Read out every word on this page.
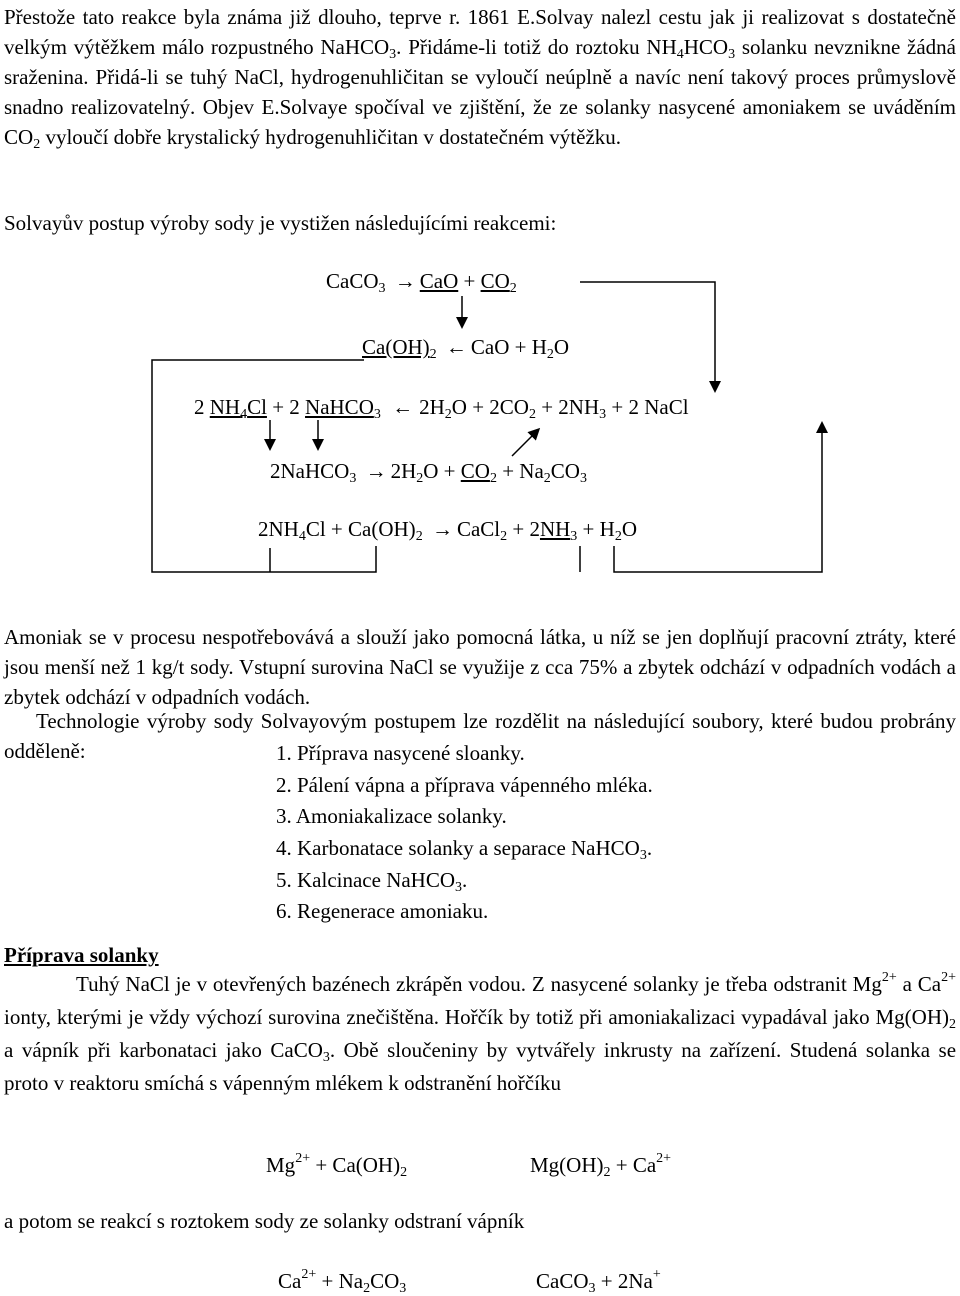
Přestože tato reakce byla známa již dlouho, teprve r. 1861 E.Solvay nalezl cestu jak ji realizovat s dostatečně velkým výtěžkem málo rozpustného NaHCO$_3$. Přidáme-li totiž do roztoku $NH_4HCO_3$ solanku nevznikne žádná sraženina. Přidá-li se tuhý NaCl, hydrogenuhličitan se vyloučí neúplně a navíc není takový proces průmyslově snadno realizovatelný. Objev E.Solvaye spočíval ve zjištění, že ze solanky nasycené amoniakem se uváděním $CO_2$ vyloučí dobře krystalický hydrogenuhličitan v dostatečném výtěžku.

Solvayův postup výroby sody je vystižen následujícími reakcemi:

CaCO$_3$ → CaO + $CO_2$
$Ca(OH)_2$ ← CaO + $H_2O$
2 $NH_4Cl + 2$ NaHCO$_3$ ← $2H_2O + 2CO_2 + 2NH_3 + 2$ NaCl
2NaHCO$_3$ → $2H_2O + CO_2 + Na_2CO_3$
$2NH_4Cl + Ca(OH)_2$ → CaCl$_2$ + $2NH_3 + H_2O$

Amoniak se v procesu nespotřebovává a slouží jako pomocná látka, u níž se jen doplňují pracovní ztráty, které jsou menší než 1 kg/t sody. Vstupní surovina NaCl se využije z cca 75% a zbytek odchází v odpadních vodách a zbytek odchází v odpadních vodách.

Technologie výroby sody Solvayovým postupem lze rozdělit na následující soubory, které budou probrány odděleně:	1. Příprava nasycené sloanky.
2. Pálení vápna a příprava vápenného mléka.
3. Amoniakalizace solanky.
4. Karbonatace solanky a separace NaHCO$_3$.
5. Kalcinace NaHCO$_3$.
6. Regenerace amoniaku.
Příprava solanky

Tuhý NaCl je v otevřených bazénech zkrápěn vodou. Z nasycené solanky je třeba odstranit $Mg^{2+}$ a $Ca^{2+}$ ionty, kterými je vždy výchozí surovina znečištěna. Hořčík by totiž při amoniakalizaci vypadával jako $Mg(OH)_2$ a vápník při karbonataci jako CaCO$_3$. Obě sloučeniny by vytvářely inkrusty na zařízení. Studená solanka se proto v reaktoru smíchá s vápenným mlékem k odstranění hořčíku

$Mg^{2+} + Ca(OH)_2$	$Mg(OH)_2 + Ca^{2+}$

a potom se reakcí s roztokem sody ze solanky odstraní vápník

$Ca^{2+} + Na_2CO_3$	CaCO$_3$ + 2Na+
